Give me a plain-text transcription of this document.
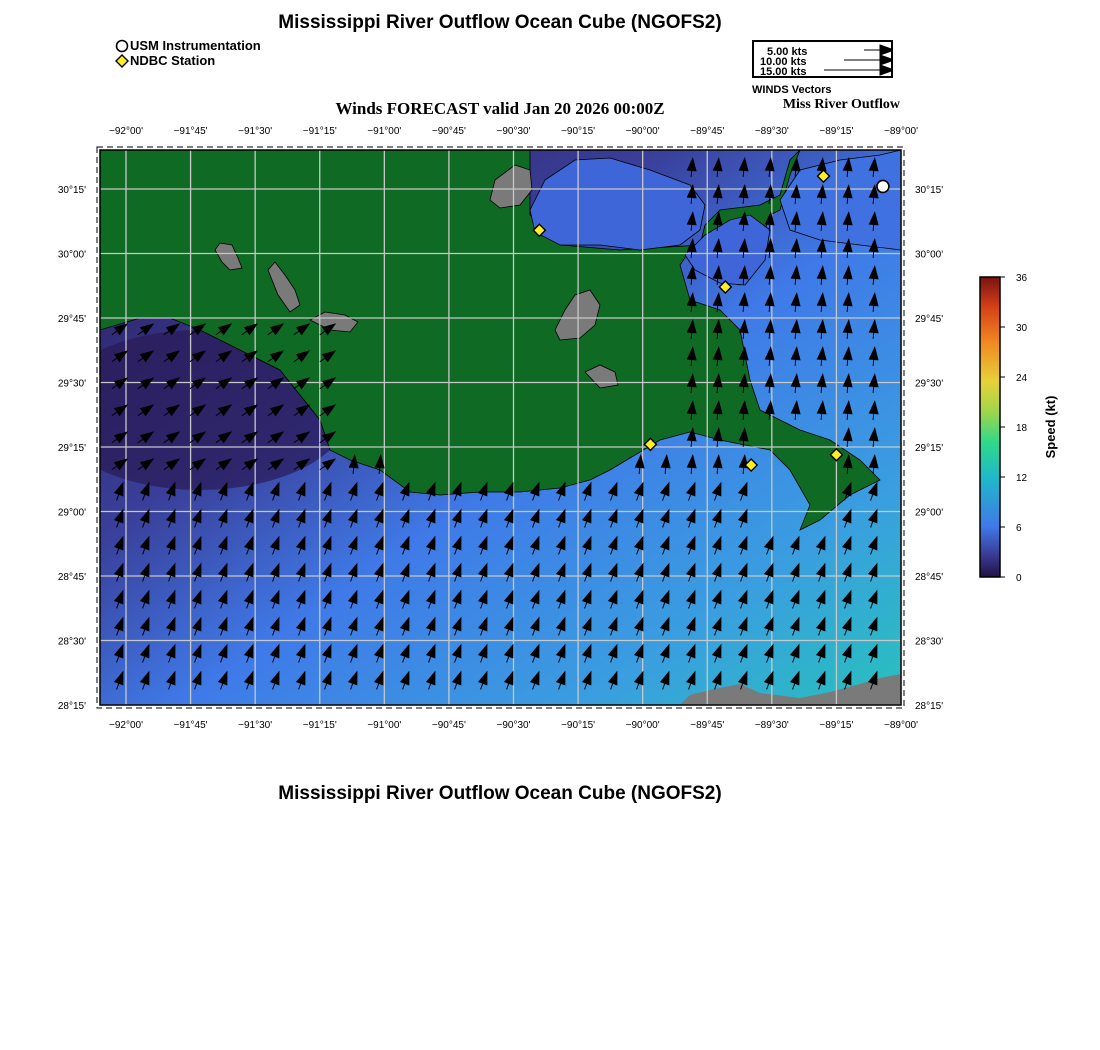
Mississippi River Outflow Ocean Cube (NGOFS2)
USM Instrumentation
NDBC Station
5.00 kts
10.00 kts
15.00 kts
WINDS Vectors
Winds FORECAST valid Jan 20 2026 00:00Z	Miss River Outflow
−92°00'	−91°45'	−91°30'	−91°15'	−91°00'	−90°45'	−90°30'	−90°15'	−90°00'	−89°45'	−89°30'	−89°15'	−89°00'
−92°00'	−91°45'	−91°30'	−91°15'	−91°00'	−90°45'	−90°30'	−90°15'	−90°00'	−89°45'	−89°30'	−89°15'	−89°00'
30°15'
30°00'
29°45'
29°30'
29°15'
29°00'
28°45'
28°30'
28°15'
30°15'
30°00'
29°45'
29°30'
29°15'
29°00'
28°45'
28°30'
28°15'
0
6
12
18
24
30
36
Speed (kt)
Mississippi River Outflow Ocean Cube (NGOFS2)
